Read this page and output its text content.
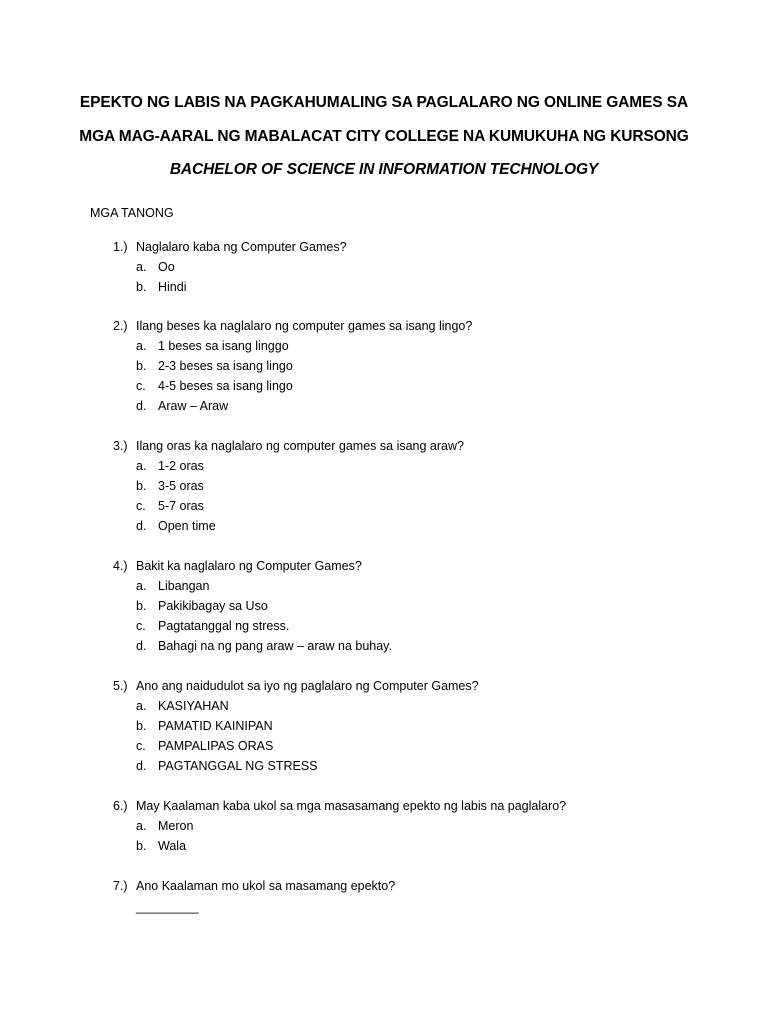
EPEKTO NG LABIS NA PAGKAHUMALING SA PAGLALARO NG ONLINE GAMES SA
MGA MAG-AARAL NG MABALACAT CITY COLLEGE NA KUMUKUHA NG KURSONG
BACHELOR OF SCIENCE IN INFORMATION TECHNOLOGY
MGA TANONG
1.) Naglalaro kaba ng Computer Games?
a. Oo
b. Hindi
2.) Ilang beses ka naglalaro ng computer games sa isang lingo?
a. 1 beses sa isang linggo
b. 2-3 beses sa isang lingo
c. 4-5 beses sa isang lingo
d. Araw – Araw
3.) Ilang oras ka naglalaro ng computer games sa isang araw?
a. 1-2 oras
b. 3-5 oras
c. 5-7 oras
d. Open time
4.) Bakit ka naglalaro ng Computer Games?
a. Libangan
b. Pakikibagay sa Uso
c. Pagtatanggal ng stress.
d. Bahagi na ng pang araw – araw na buhay.
5.) Ano ang naidudulot sa iyo ng paglalaro ng Computer Games?
a. KASIYAHAN
b. PAMATID KAINIPAN
c. PAMPALIPAS ORAS
d. PAGTANGGAL NG STRESS
6.) May Kaalaman kaba ukol sa mga masasamang epekto ng labis na paglalaro?
a. Meron
b. Wala
7.) Ano Kaalaman mo ukol sa masamang epekto?
_________
